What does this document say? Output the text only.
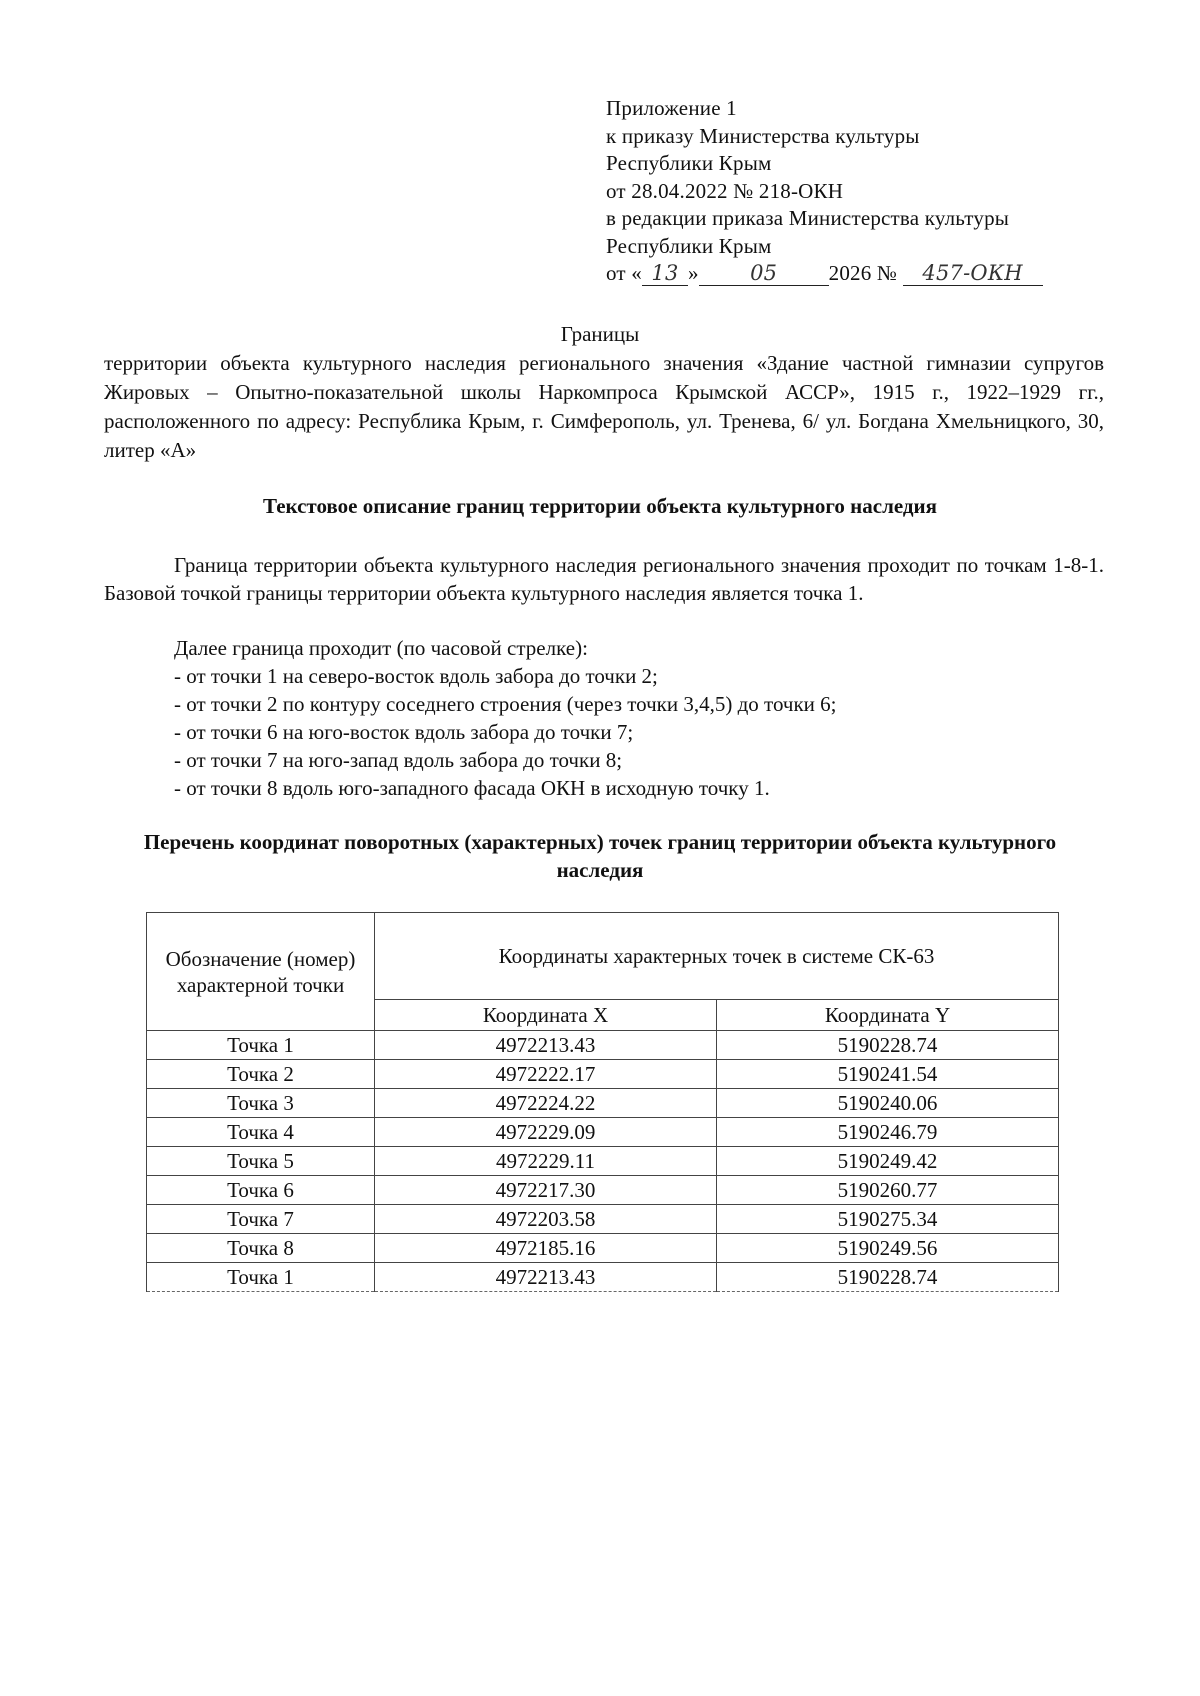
Приложение 1
к приказу Министерства культуры
Республики Крым
от 28.04.2022 № 218-ОКН
в редакции приказа Министерства культуры
Республики Крым
от « 13 » 05 2026 № 457-ОКН
Границы
территории объекта культурного наследия регионального значения «Здание частной гимназии супругов Жировых – Опытно-показательной школы Наркомпроса Крымской АССР», 1915 г., 1922–1929 гг., расположенного по адресу: Республика Крым, г. Симферополь, ул. Тренева, 6/ ул. Богдана Хмельницкого, 30, литер «А»
Текстовое описание границ территории объекта культурного наследия
Граница территории объекта культурного наследия регионального значения проходит по точкам 1-8-1. Базовой точкой границы территории объекта культурного наследия является точка 1.
Далее граница проходит (по часовой стрелке):
- от точки 1 на северо-восток вдоль забора до точки 2;
- от точки 2 по контуру соседнего строения (через точки 3,4,5) до точки 6;
- от точки 6 на юго-восток вдоль забора до точки 7;
- от точки 7 на юго-запад вдоль забора до точки 8;
- от точки 8 вдоль юго-западного фасада ОКН в исходную точку 1.
Перечень координат поворотных (характерных) точек границ территории объекта культурного наследия
Обозначение (номер) характерной точки	Координаты характерных точек в системе СК-63	
	Координата X	Координата Y
Точка 1	4972213.43	5190228.74
Точка 2	4972222.17	5190241.54
Точка 3	4972224.22	5190240.06
Точка 4	4972229.09	5190246.79
Точка 5	4972229.11	5190249.42
Точка 6	4972217.30	5190260.77
Точка 7	4972203.58	5190275.34
Точка 8	4972185.16	5190249.56
Точка 1	4972213.43	5190228.74
